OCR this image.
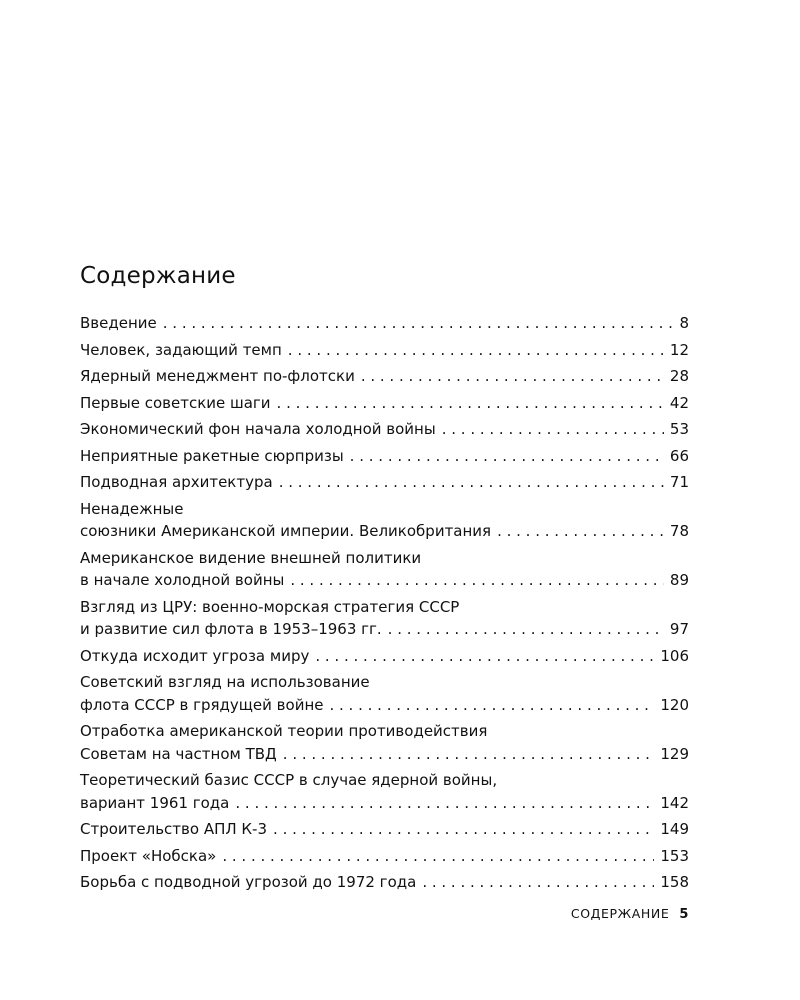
Содержание
Введение . . .	8
Человек, задающий темп . . .	12
Ядерный менеджмент по-флотски . . .	28
Первые советские шаги . . .	42
Экономический фон начала холодной войны . . .	53
Неприятные ракетные сюрпризы . . .	66
Подводная архитектура . . .	71
Ненадежные
союзники Американской империи. Великобритания . . .	78
Американское видение внешней политики
в начале холодной войны . . .	89
Взгляд из ЦРУ: военно-морская стратегия СССР
и развитие сил флота в 1953–1963 гг. . . .	97
Откуда исходит угроза миру . . .	106
Советский взгляд на использование
флота СССР в грядущей войне . . .	120
Отработка американской теории противодействия
Советам на частном ТВД . . .	129
Теоретический базис СССР в случае ядерной войны,
вариант 1961 года . . .	142
Строительство АПЛ К-3 . . .	149
Проект «Нобска» . . .	153
Борьба с подводной угрозой до 1972 года . . .	158
СОДЕРЖАНИЕ 5
